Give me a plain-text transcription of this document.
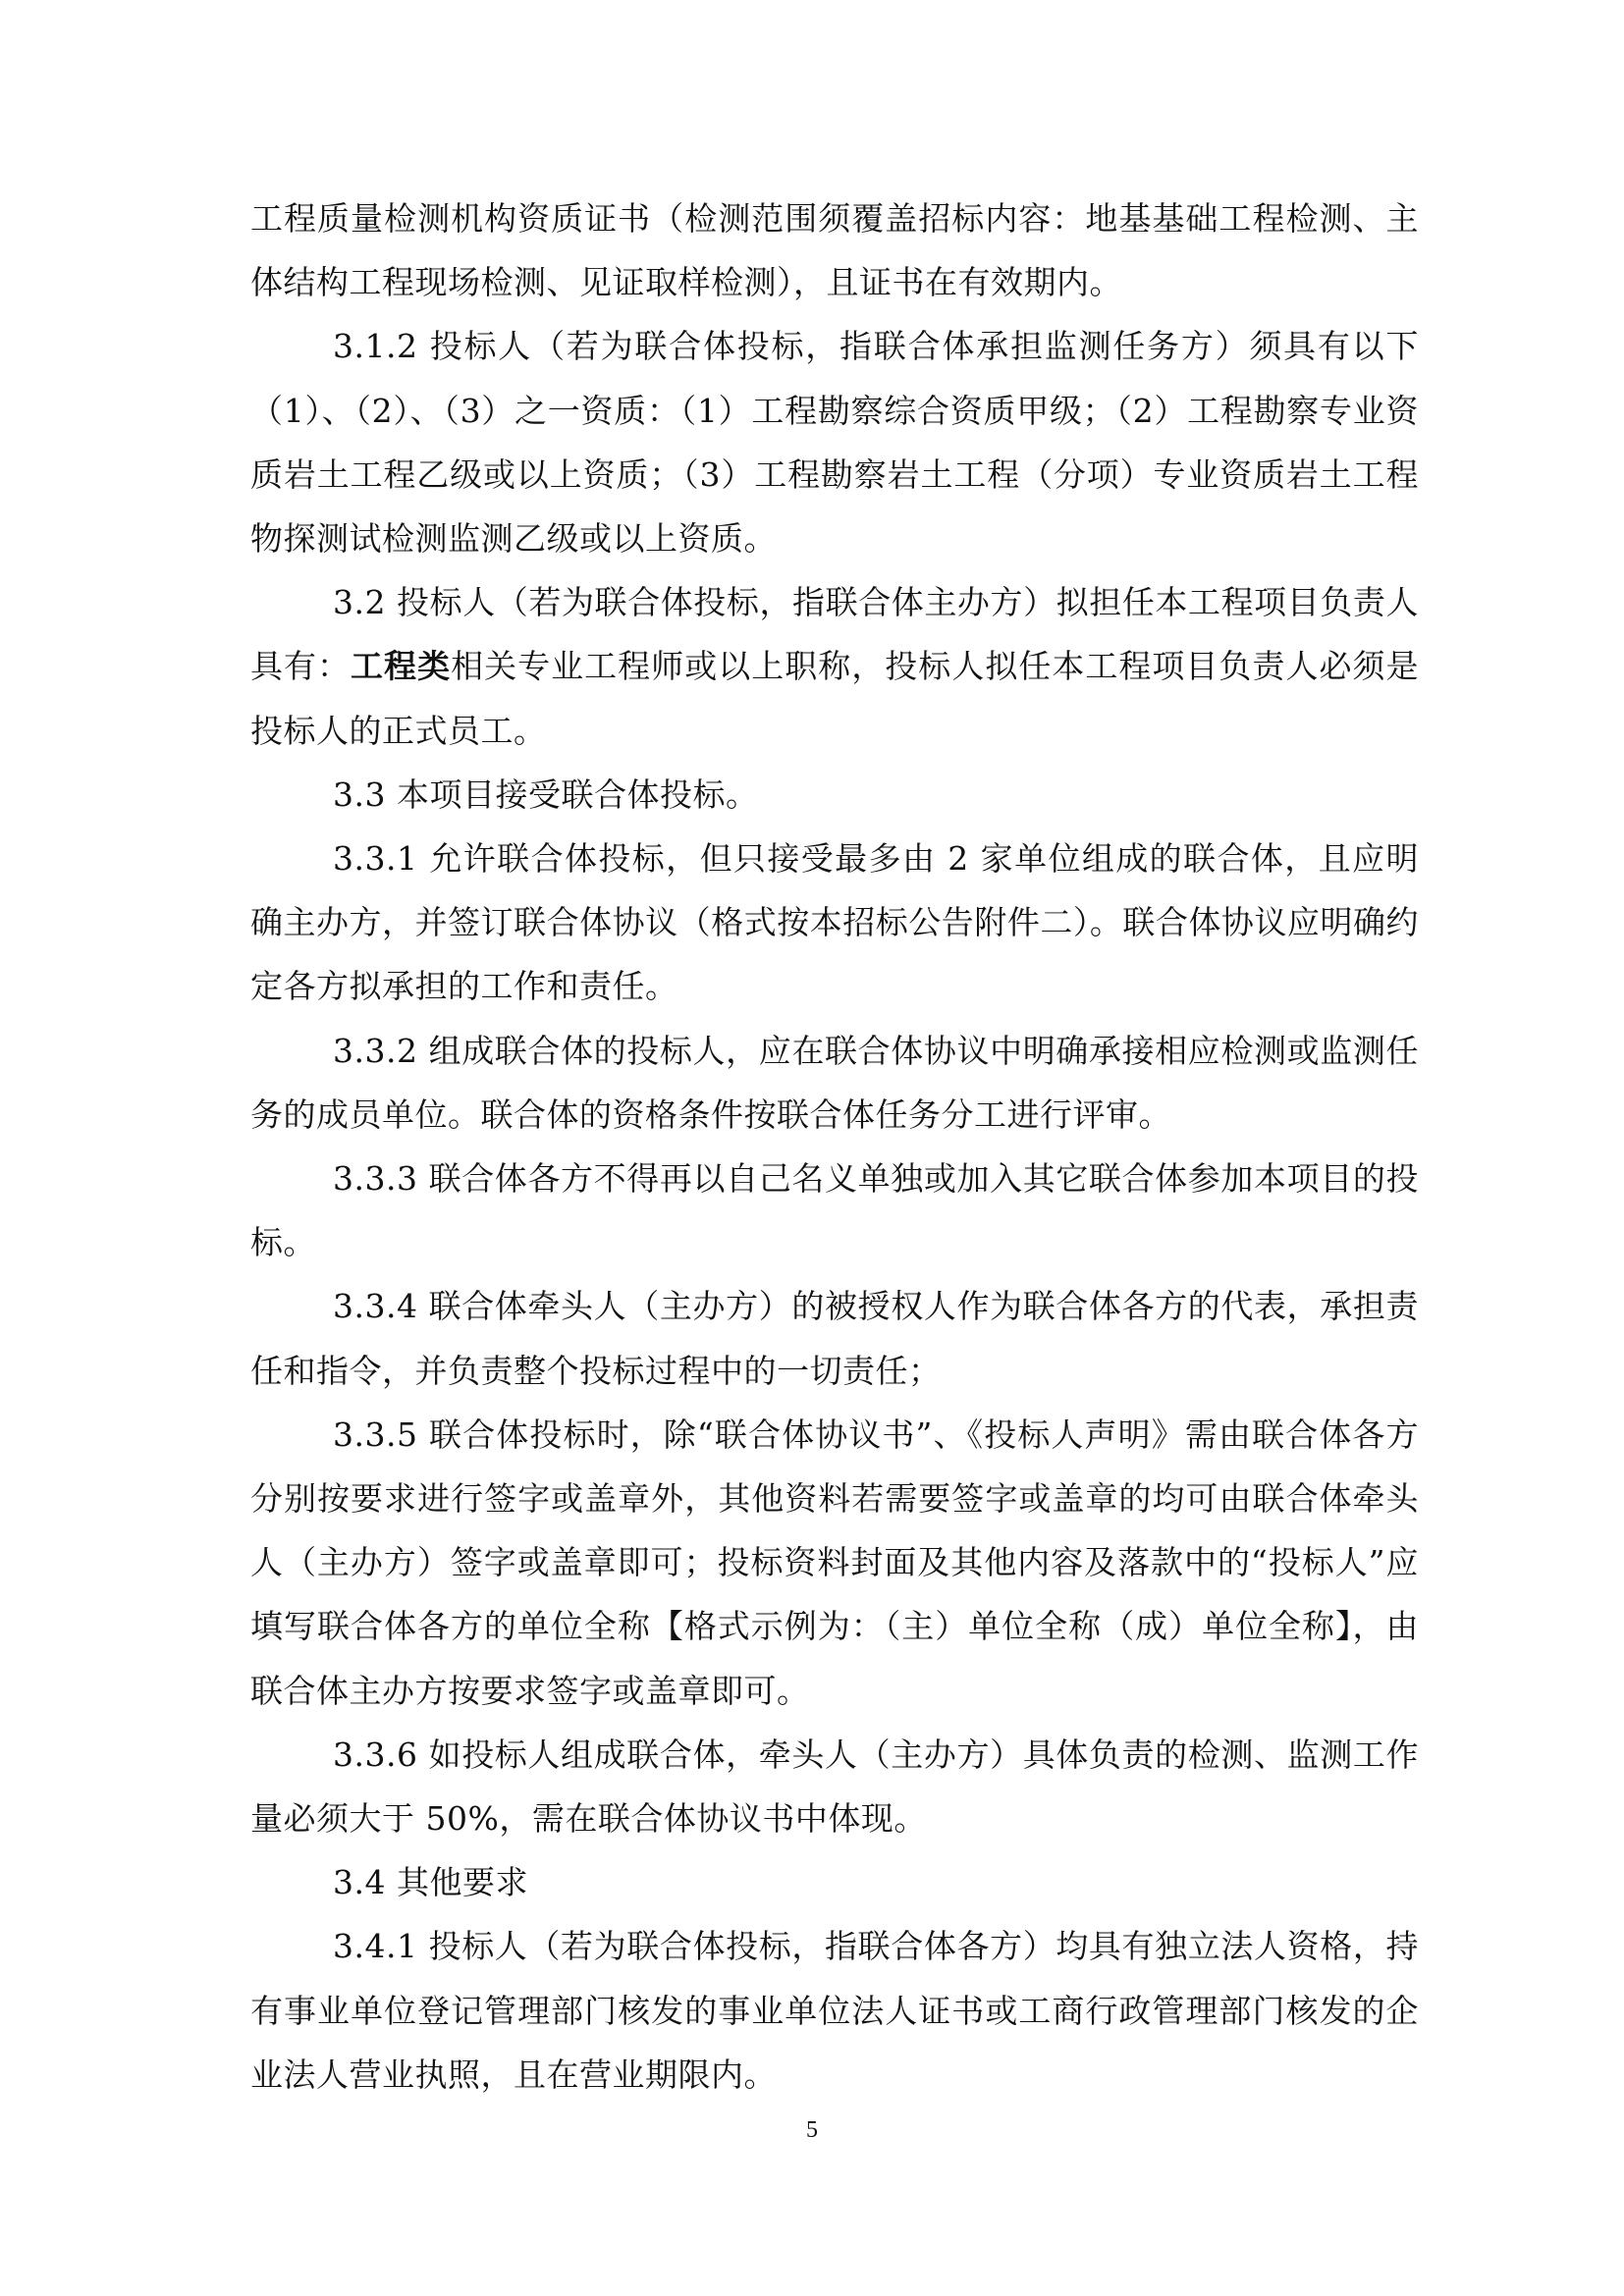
工程质量检测机构资质证书（检测范围须覆盖招标内容：地基基础工程检测、主体结构工程现场检测、见证取样检测），且证书在有效期内。

3.1.2 投标人（若为联合体投标，指联合体承担监测任务方）须具有以下（1）、（2）、（3）之一资质：（1）工程勘察综合资质甲级；（2）工程勘察专业资质岩土工程乙级或以上资质；（3）工程勘察岩土工程（分项）专业资质岩土工程物探测试检测监测乙级或以上资质。

3.2 投标人（若为联合体投标，指联合体主办方）拟担任本工程项目负责人具有：工程类相关专业工程师或以上职称，投标人拟任本工程项目负责人必须是投标人的正式员工。

3.3 本项目接受联合体投标。

3.3.1 允许联合体投标，但只接受最多由 2 家单位组成的联合体，且应明确主办方，并签订联合体协议（格式按本招标公告附件二）。联合体协议应明确约定各方拟承担的工作和责任。

3.3.2 组成联合体的投标人，应在联合体协议中明确承接相应检测或监测任务的成员单位。联合体的资格条件按联合体任务分工进行评审。

3.3.3 联合体各方不得再以自己名义单独或加入其它联合体参加本项目的投标。

3.3.4 联合体牵头人（主办方）的被授权人作为联合体各方的代表，承担责任和指令，并负责整个投标过程中的一切责任；

3.3.5 联合体投标时，除“联合体协议书”、《投标人声明》需由联合体各方分别按要求进行签字或盖章外，其他资料若需要签字或盖章的均可由联合体牵头人（主办方）签字或盖章即可；投标资料封面及其他内容及落款中的“投标人”应填写联合体各方的单位全称【格式示例为：（主）单位全称（成）单位全称】，由联合体主办方按要求签字或盖章即可。

3.3.6 如投标人组成联合体，牵头人（主办方）具体负责的检测、监测工作量必须大于 50%，需在联合体协议书中体现。

3.4 其他要求

3.4.1 投标人（若为联合体投标，指联合体各方）均具有独立法人资格，持有事业单位登记管理部门核发的事业单位法人证书或工商行政管理部门核发的企业法人营业执照，且在营业期限内。

5
